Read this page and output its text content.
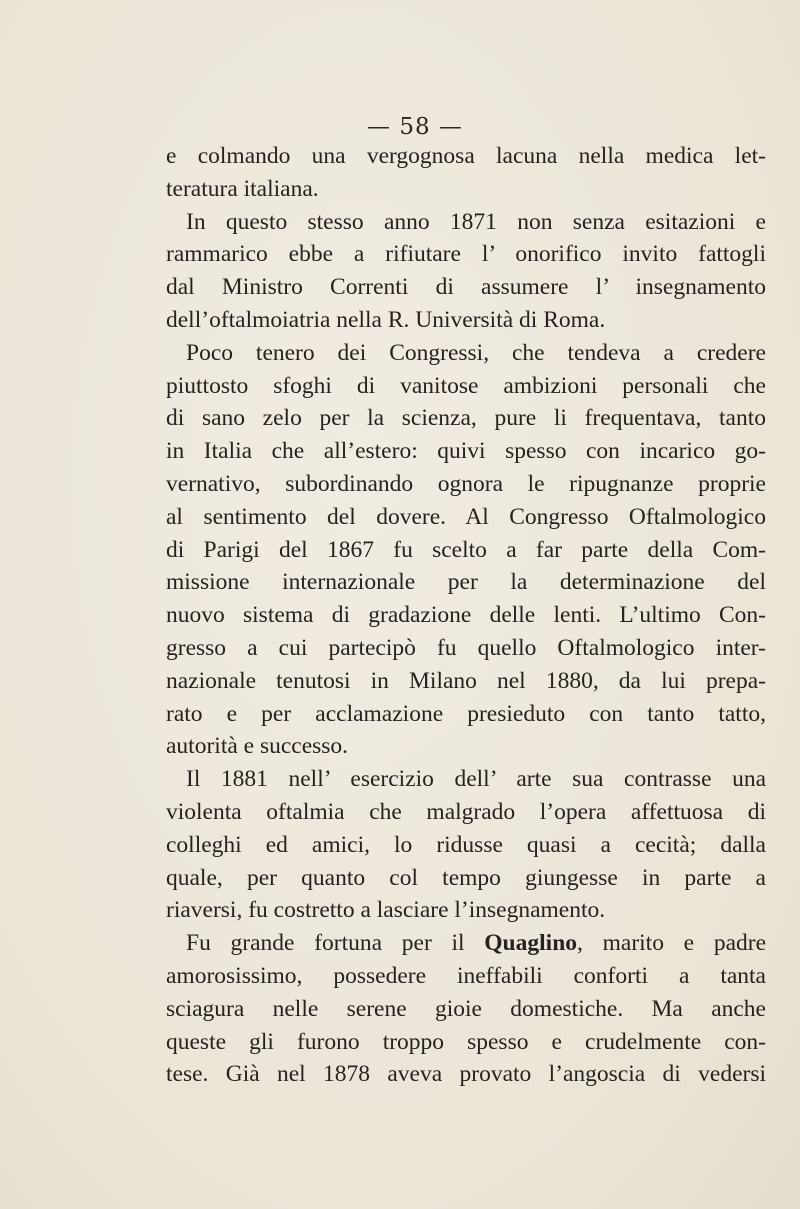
— 58 —
e colmando una vergognosa lacuna nella medica let-
teratura italiana.
In questo stesso anno 1871 non senza esitazioni e
rammarico ebbe a rifiutare l’ onorifico invito fattogli
dal Ministro Correnti di assumere l’ insegnamento
dell’oftalmoiatria nella R. Università di Roma.
Poco tenero dei Congressi, che tendeva a credere
piuttosto sfoghi di vanitose ambizioni personali che
di sano zelo per la scienza, pure li frequentava, tanto
in Italia che all’estero: quivi spesso con incarico go-
vernativo, subordinando ognora le ripugnanze proprie
al sentimento del dovere. Al Congresso Oftalmologico
di Parigi del 1867 fu scelto a far parte della Com-
missione internazionale per la determinazione del
nuovo sistema di gradazione delle lenti. L’ultimo Con-
gresso a cui partecipò fu quello Oftalmologico inter-
nazionale tenutosi in Milano nel 1880, da lui prepa-
rato e per acclamazione presieduto con tanto tatto,
autorità e successo.
Il 1881 nell’ esercizio dell’ arte sua contrasse una
violenta oftalmia che malgrado l’opera affettuosa di
colleghi ed amici, lo ridusse quasi a cecità; dalla
quale, per quanto col tempo giungesse in parte a
riaversi, fu costretto a lasciare l’insegnamento.
Fu grande fortuna per il Quaglino, marito e padre
amorosissimo, possedere ineffabili conforti a tanta
sciagura nelle serene gioie domestiche. Ma anche
queste gli furono troppo spesso e crudelmente con-
tese. Già nel 1878 aveva provato l’angoscia di vedersi
